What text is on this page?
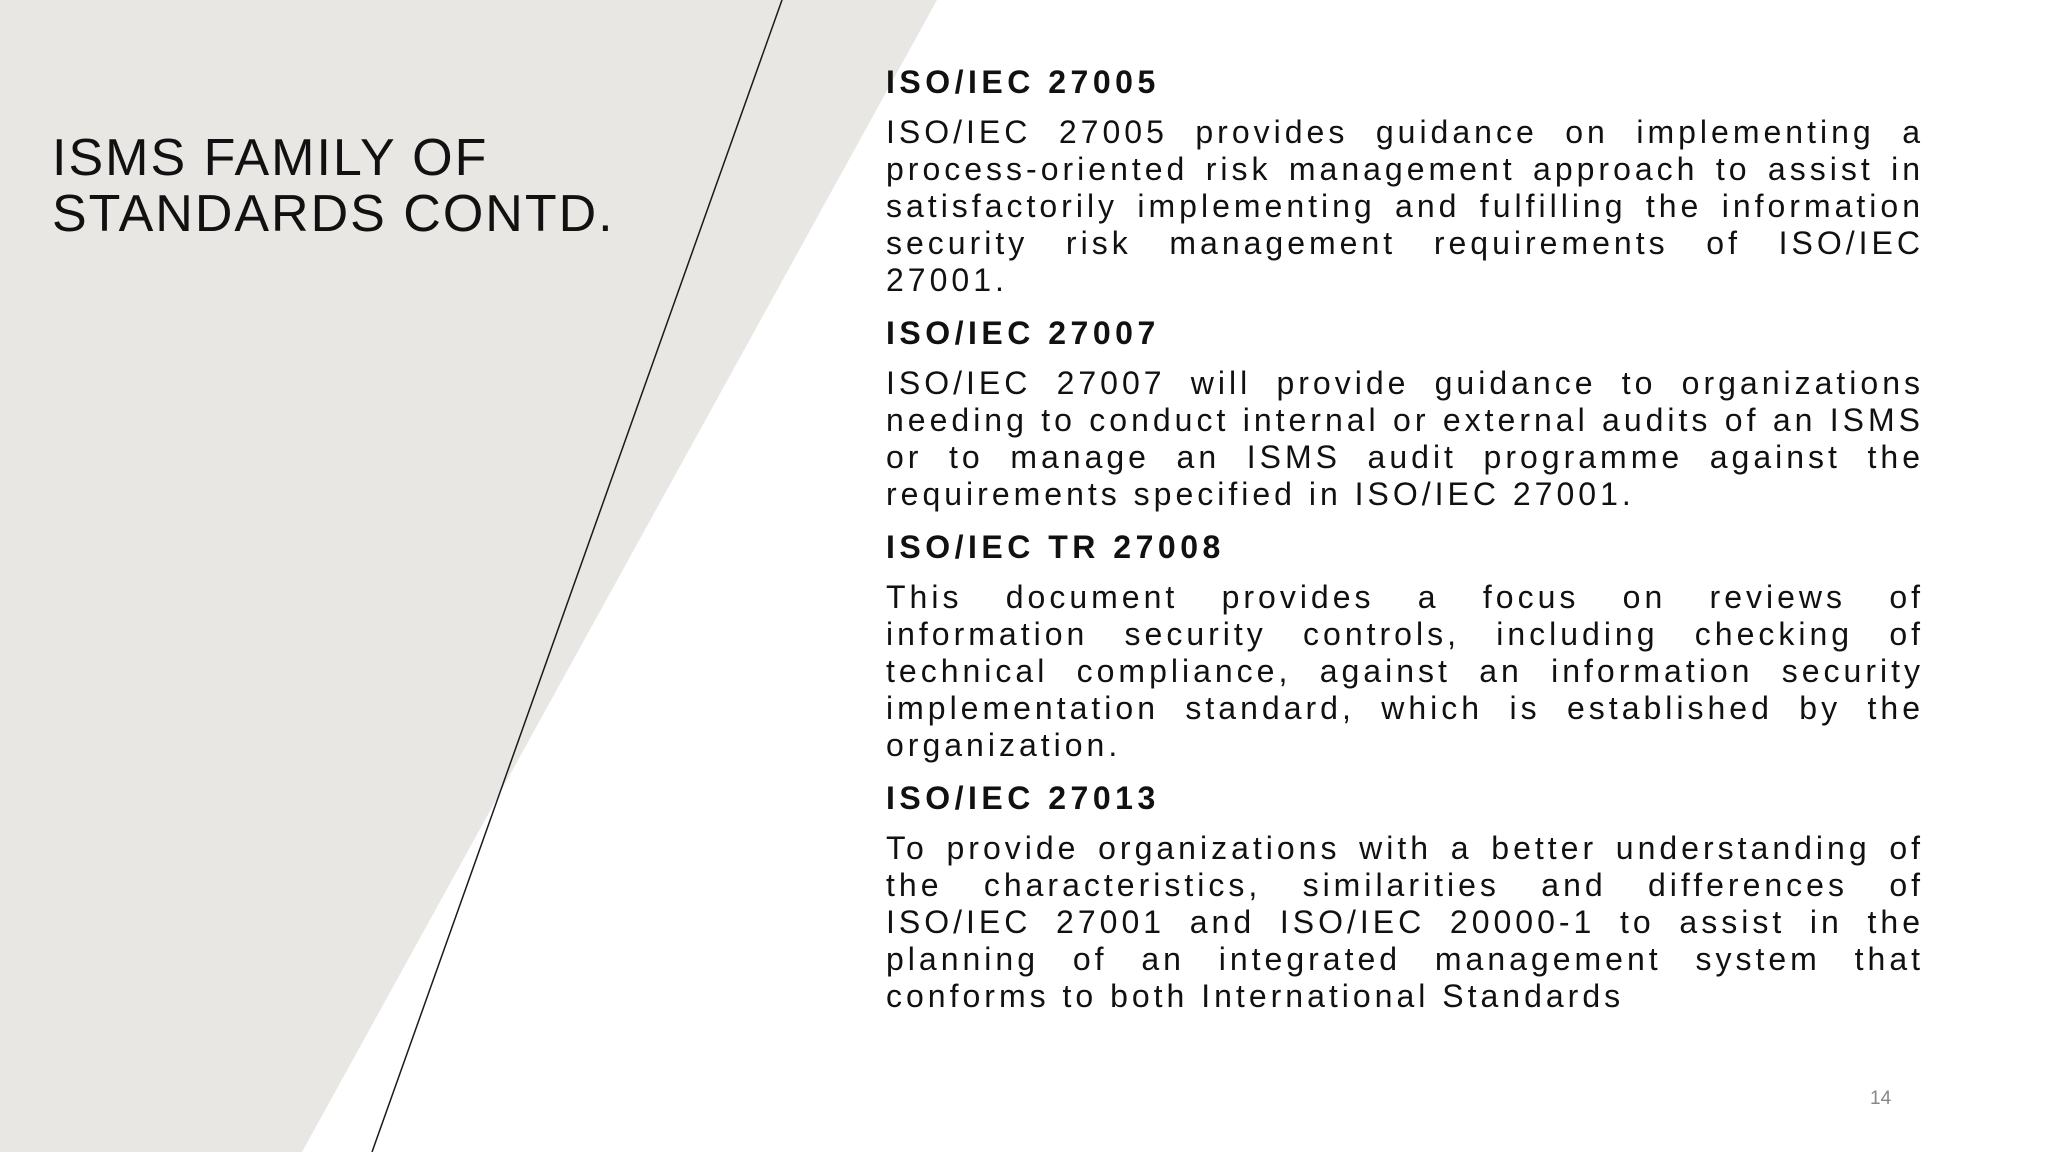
ISMS FAMILY OF
STANDARDS CONTD.
ISO/IEC 27005

ISO/IEC 27005 provides guidance on implementing a process-oriented risk management approach to assist in satisfactorily implementing and fulfilling the information security risk management requirements of ISO/IEC 27001.

ISO/IEC 27007

ISO/IEC 27007 will provide guidance to organizations needing to conduct internal or external audits of an ISMS or to manage an ISMS audit programme against the requirements specified in ISO/IEC 27001.

ISO/IEC TR 27008

This document provides a focus on reviews of information security controls, including checking of technical compliance, against an information security implementation standard, which is established by the organization.

ISO/IEC 27013

To provide organizations with a better understanding of the characteristics, similarities and differences of ISO/IEC 27001 and ISO/IEC 20000-1 to assist in the planning of an integrated management system that conforms to both International Standards

14
